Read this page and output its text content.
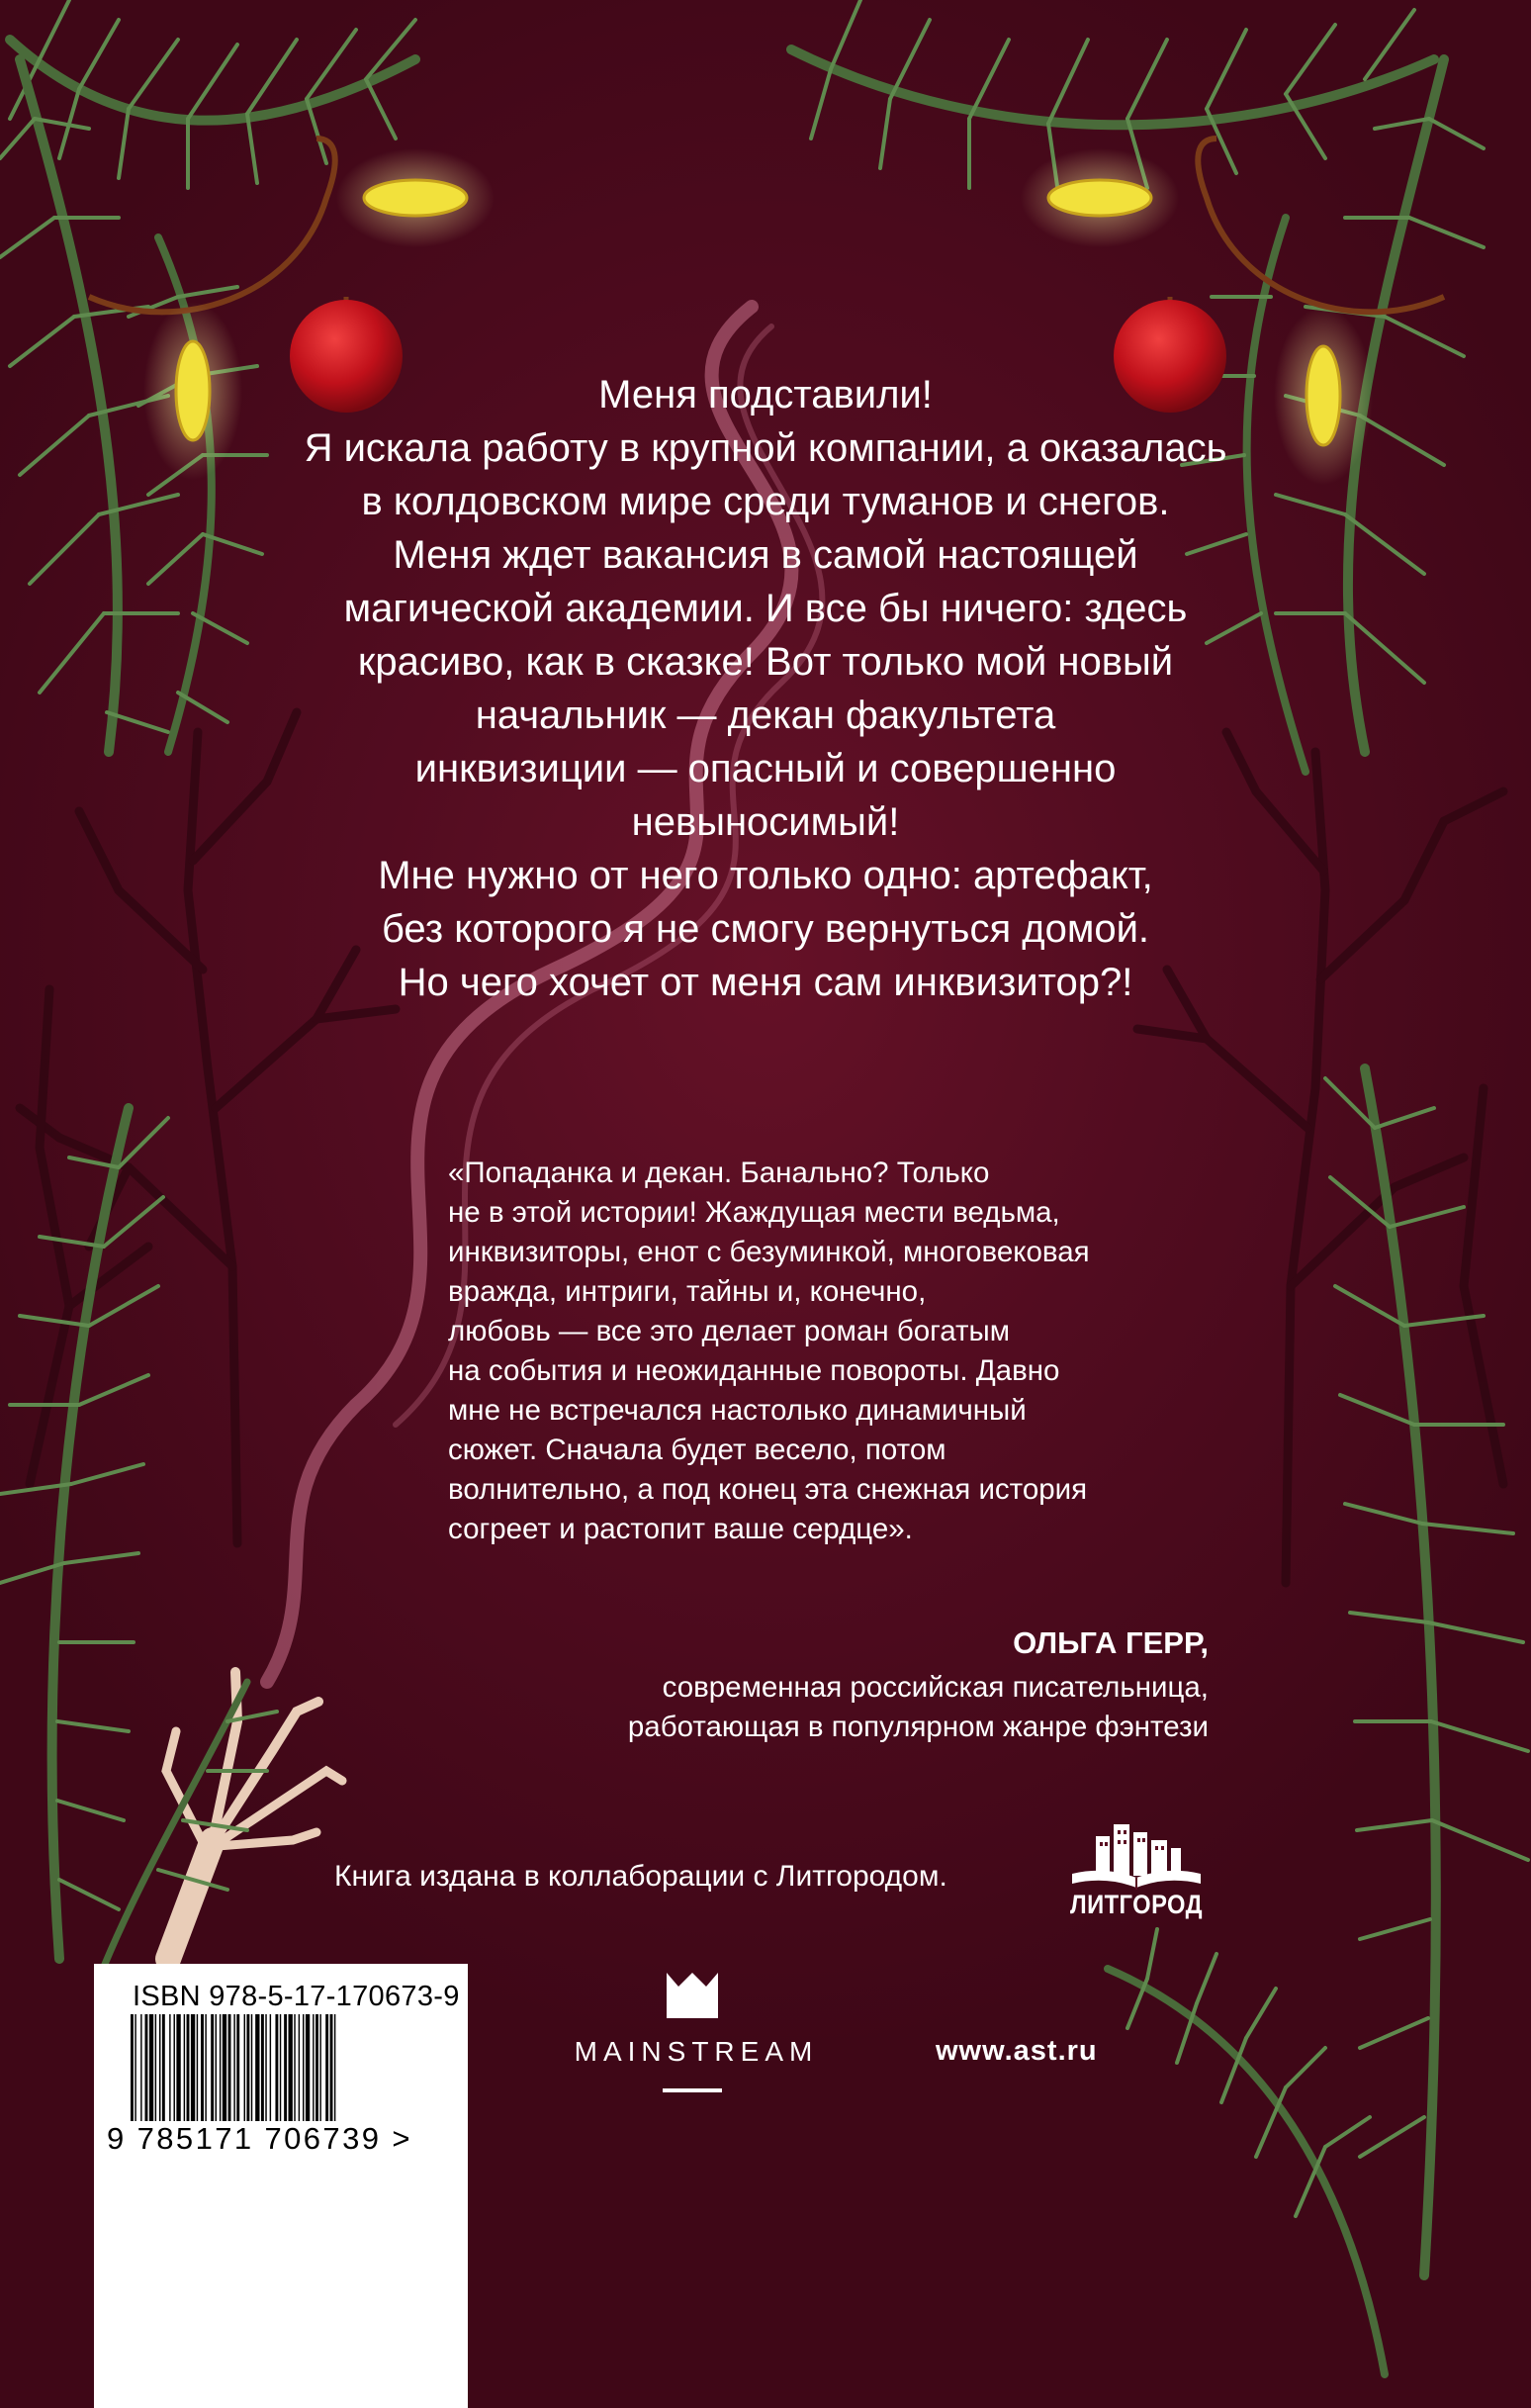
Меня подставили!
Я искала работу в крупной компании, а оказалась
в колдовском мире среди туманов и снегов.
Меня ждет вакансия в самой настоящей
магической академии. И все бы ничего: здесь
красиво, как в сказке! Вот только мой новый
начальник — декан факультета
инквизиции — опасный и совершенно
невыносимый!
Мне нужно от него только одно: артефакт,
без которого я не смогу вернуться домой.
Но чего хочет от меня сам инквизитор?!

«Попаданка и декан. Банально? Только
не в этой истории! Жаждущая мести ведьма,
инквизиторы, енот с безуминкой, многовековая
вражда, интриги, тайны и, конечно,
любовь — все это делает роман богатым
на события и неожиданные повороты. Давно
мне не встречался настолько динамичный
сюжет. Сначала будет весело, потом
волнительно, а под конец эта снежная история
согреет и растопит ваше сердце».

ОЛЬГА ГЕРР,
современная российская писательница,
работающая в популярном жанре фэнтези
Книга издана в коллаборации с Литгородом.
ЛИТГОРОД
MAINSTREAM	www.ast.ru
ISBN 978-5-17-170673-9
9 785171 706739 >
